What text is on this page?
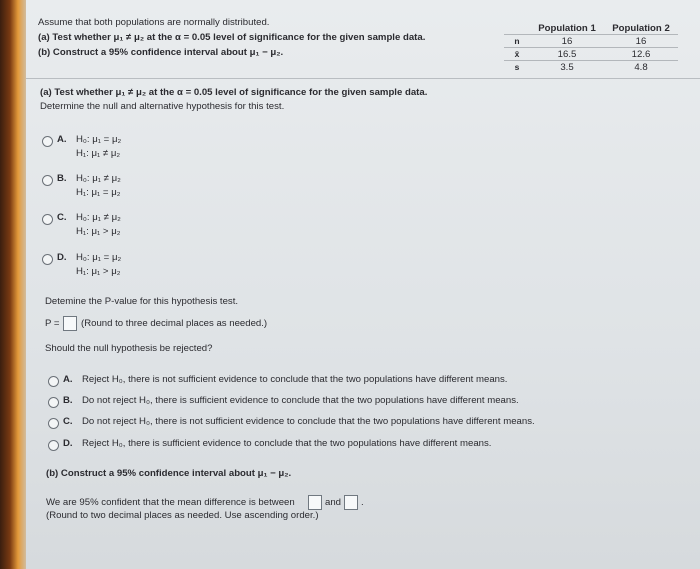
Assume that both populations are normally distributed.
(a) Test whether μ₁ ≠ μ₂ at the α = 0.05 level of significance for the given sample data.
(b) Construct a 95% confidence interval about μ₁ − μ₂.
	Population 1	Population 2
n	16	16
x̄	16.5	12.6
s	3.5	4.8
(a) Test whether μ₁ ≠ μ₂ at the α = 0.05 level of significance for the given sample data.
Determine the null and alternative hypothesis for this test.
A. H₀: μ₁ = μ₂
H₁: μ₁ ≠ μ₂
B. H₀: μ₁ ≠ μ₂
H₁: μ₁ = μ₂
C. H₀: μ₁ ≠ μ₂
H₁: μ₁ > μ₂
D. H₀: μ₁ = μ₂
H₁: μ₁ > μ₂
Detemine the P-value for this hypothesis test.
P = (Round to three decimal places as needed.)
Should the null hypothesis be rejected?
A. Reject H₀, there is not sufficient evidence to conclude that the two populations have different means.
B. Do not reject H₀, there is sufficient evidence to conclude that the two populations have different means.
C. Do not reject H₀, there is not sufficient evidence to conclude that the two populations have different means.
D. Reject H₀, there is sufficient evidence to conclude that the two populations have different means.
(b) Construct a 95% confidence interval about μ₁ − μ₂.
We are 95% confident that the mean difference is between	and .
(Round to two decimal places as needed. Use ascending order.)
